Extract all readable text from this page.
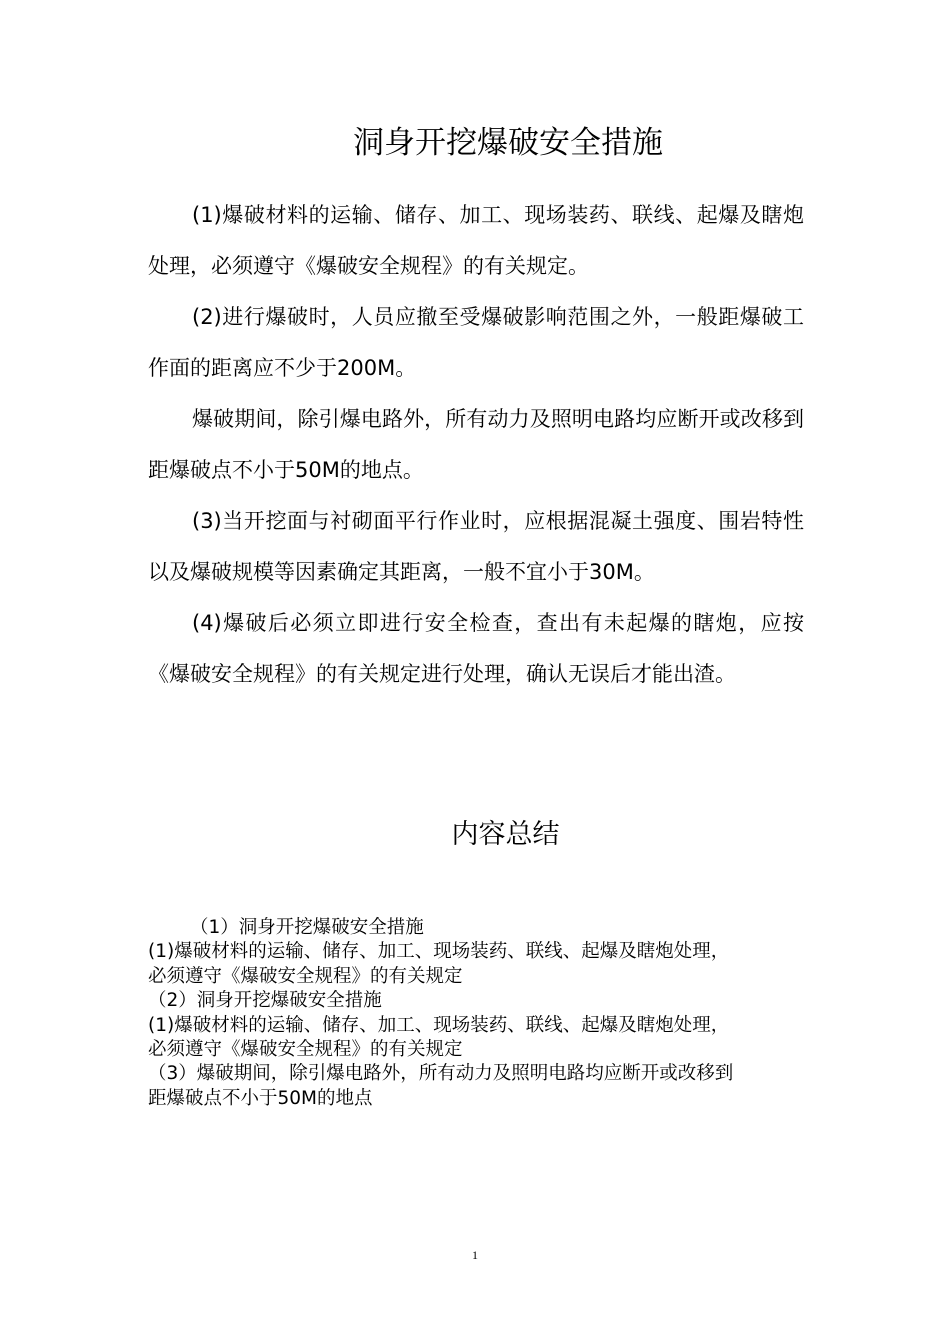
洞身开挖爆破安全措施

(1)爆破材料的运输、储存、加工、现场装药、联线、起爆及瞎炮处理，必须遵守《爆破安全规程》的有关规定。

(2)进行爆破时，人员应撤至受爆破影响范围之外，一般距爆破工作面的距离应不少于200M。

爆破期间，除引爆电路外，所有动力及照明电路均应断开或改移到距爆破点不小于50M的地点。

(3)当开挖面与衬砌面平行作业时，应根据混凝土强度、围岩特性以及爆破规模等因素确定其距离，一般不宜小于30M。

(4)爆破后必须立即进行安全检查，查出有未起爆的瞎炮，应按《爆破安全规程》的有关规定进行处理，确认无误后才能出渣。

内容总结
（1）洞身开挖爆破安全措施
(1)爆破材料的运输、储存、加工、现场装药、联线、起爆及瞎炮处理，
必须遵守《爆破安全规程》的有关规定
（2）洞身开挖爆破安全措施
(1)爆破材料的运输、储存、加工、现场装药、联线、起爆及瞎炮处理，
必须遵守《爆破安全规程》的有关规定
（3）爆破期间，除引爆电路外，所有动力及照明电路均应断开或改移到
距爆破点不小于50M的地点
1
